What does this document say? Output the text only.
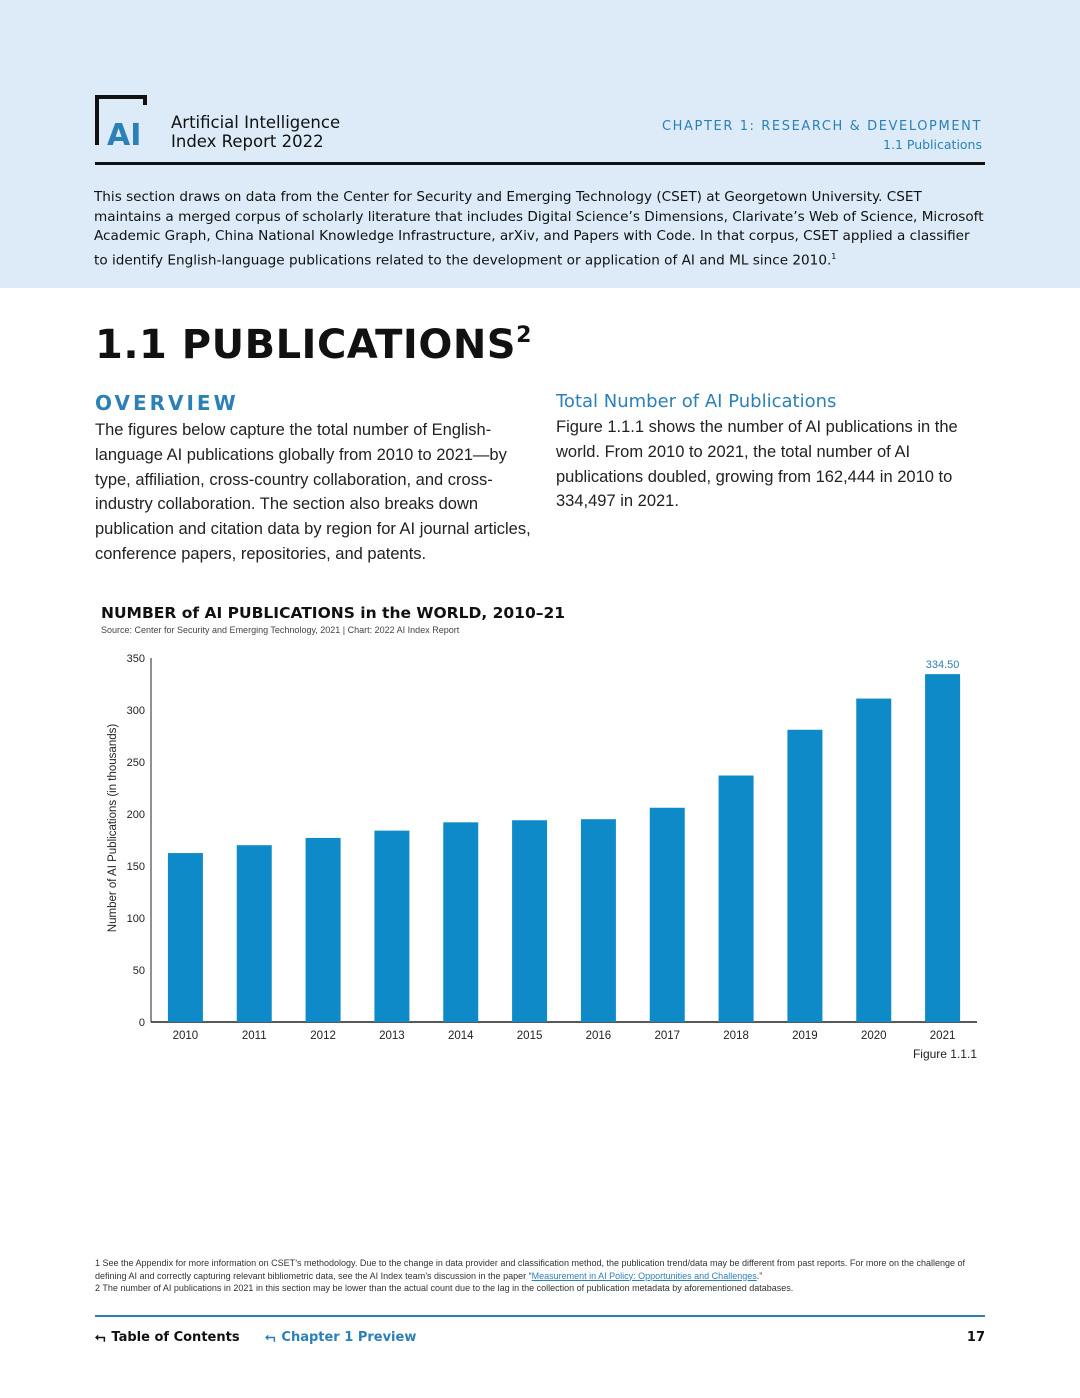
AI Artificial Intelligence
Index Report 2022
CHAPTER 1: RESEARCH & DEVELOPMENT
1.1 Publications
This section draws on data from the Center for Security and Emerging Technology (CSET) at Georgetown University. CSET maintains a merged corpus of scholarly literature that includes Digital Science’s Dimensions, Clarivate’s Web of Science, Microsoft Academic Graph, China National Knowledge Infrastructure, arXiv, and Papers with Code. In that corpus, CSET applied a classifier to identify English-language publications related to the development or application of AI and ML since 2010.$^1$
1.1 PUBLICATIONS$^2$
OVERVIEW
The figures below capture the total number of English-language AI publications globally from 2010 to 2021—by type, affiliation, cross-country collaboration, and cross-industry collaboration. The section also breaks down publication and citation data by region for AI journal articles, conference papers, repositories, and patents.
Total Number of AI Publications
Figure 1.1.1 shows the number of AI publications in the world. From 2010 to 2021, the total number of AI publications doubled, growing from 162,444 in 2010 to 334,497 in 2021.
NUMBER of AI PUBLICATIONS in the WORLD, 2010–21
Source: Center for Security and Emerging Technology, 2021 | Chart: 2022 AI Index Report
0
50
100
150
200
250
300
350
Number of AI Publications (in thousands)
2010	2011	2012	2013	2014	2015	2016	2017	2018	2019	2020	2021
334.50
Figure 1.1.1
1 See the Appendix for more information on CSET’s methodology. Due to the change in data provider and classification method, the publication trend/data may be different from past reports. For more on the challenge of defining AI and correctly capturing relevant bibliometric data, see the AI Index team’s discussion in the paper “Measurement in AI Policy: Opportunities and Challenges.”
2 The number of AI publications in 2021 in this section may be lower than the actual count due to the lag in the collection of publication metadata by aforementioned databases.
⮢ Table of Contents ⮢ Chapter 1 Preview	17
